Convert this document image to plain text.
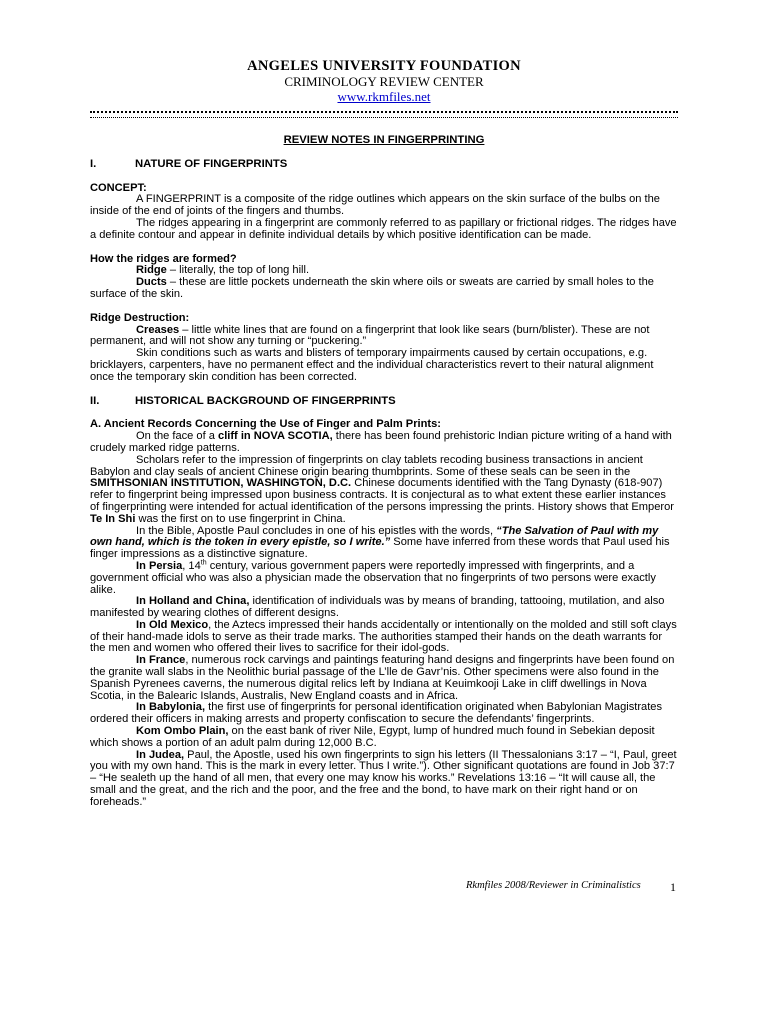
ANGELES UNIVERSITY FOUNDATION
CRIMINOLOGY REVIEW CENTER
www.rkmfiles.net
REVIEW NOTES IN FINGERPRINTING
I.	NATURE OF FINGERPRINTS
CONCEPT:

A FINGERPRINT is a composite of the ridge outlines which appears on the skin surface of the bulbs on the inside of the end of joints of the fingers and thumbs.

The ridges appearing in a fingerprint are commonly referred to as papillary or frictional ridges. The ridges have a definite contour and appear in definite individual details by which positive identification can be made.

How the ridges are formed?

Ridge – literally, the top of long hill.

Ducts – these are little pockets underneath the skin where oils or sweats are carried by small holes to the surface of the skin.

Ridge Destruction:

Creases – little white lines that are found on a fingerprint that look like sears (burn/blister). These are not permanent, and will not show any turning or “puckering.”

Skin conditions such as warts and blisters of temporary impairments caused by certain occupations, e.g. bricklayers, carpenters, have no permanent effect and the individual characteristics revert to their natural alignment once the temporary skin condition has been corrected.

II.	HISTORICAL BACKGROUND OF FINGERPRINTS
A. Ancient Records Concerning the Use of Finger and Palm Prints:

On the face of a cliff in NOVA SCOTIA, there has been found prehistoric Indian picture writing of a hand with crudely marked ridge patterns.

Scholars refer to the impression of fingerprints on clay tablets recoding business transactions in ancient Babylon and clay seals of ancient Chinese origin bearing thumbprints. Some of these seals can be seen in the SMITHSONIAN INSTITUTION, WASHINGTON, D.C. Chinese documents identified with the Tang Dynasty (618-907) refer to fingerprint being impressed upon business contracts. It is conjectural as to what extent these earlier instances of fingerprinting were intended for actual identification of the persons impressing the prints. History shows that Emperor Te In Shi was the first on to use fingerprint in China.

In the Bible, Apostle Paul concludes in one of his epistles with the words, “The Salvation of Paul with my own hand, which is the token in every epistle, so I write.” Some have inferred from these words that Paul used his finger impressions as a distinctive signature.

In Persia, 14th century, various government papers were reportedly impressed with fingerprints, and a government official who was also a physician made the observation that no fingerprints of two persons were exactly alike.

In Holland and China, identification of individuals was by means of branding, tattooing, mutilation, and also manifested by wearing clothes of different designs.

In Old Mexico, the Aztecs impressed their hands accidentally or intentionally on the molded and still soft clays of their hand-made idols to serve as their trade marks. The authorities stamped their hands on the death warrants for the men and women who offered their lives to sacrifice for their idol-gods.

In France, numerous rock carvings and paintings featuring hand designs and fingerprints have been found on the granite wall slabs in the Neolithic burial passage of the L’lle de Gavr’nis. Other specimens were also found in the Spanish Pyrenees caverns, the numerous digital relics left by Indiana at Keuimkooji Lake in cliff dwellings in Nova Scotia, in the Balearic Islands, Australis, New England coasts and in Africa.

In Babylonia, the first use of fingerprints for personal identification originated when Babylonian Magistrates ordered their officers in making arrests and property confiscation to secure the defendants’ fingerprints.

Kom Ombo Plain, on the east bank of river Nile, Egypt, lump of hundred much found in Sebekian deposit which shows a portion of an adult palm during 12,000 B.C.

In Judea, Paul, the Apostle, used his own fingerprints to sign his letters (II Thessalonians 3:17 – “I, Paul, greet you with my own hand. This is the mark in every letter. Thus I write.”). Other significant quotations are found in Job 37:7 – “He sealeth up the hand of all men, that every one may know his works.” Revelations 13:16 – “It will cause all, the small and the great, and the rich and the poor, and the free and the bond, to have mark on their right hand or on foreheads.”

Rkmfiles 2008/Reviewer in Criminalistics 1
